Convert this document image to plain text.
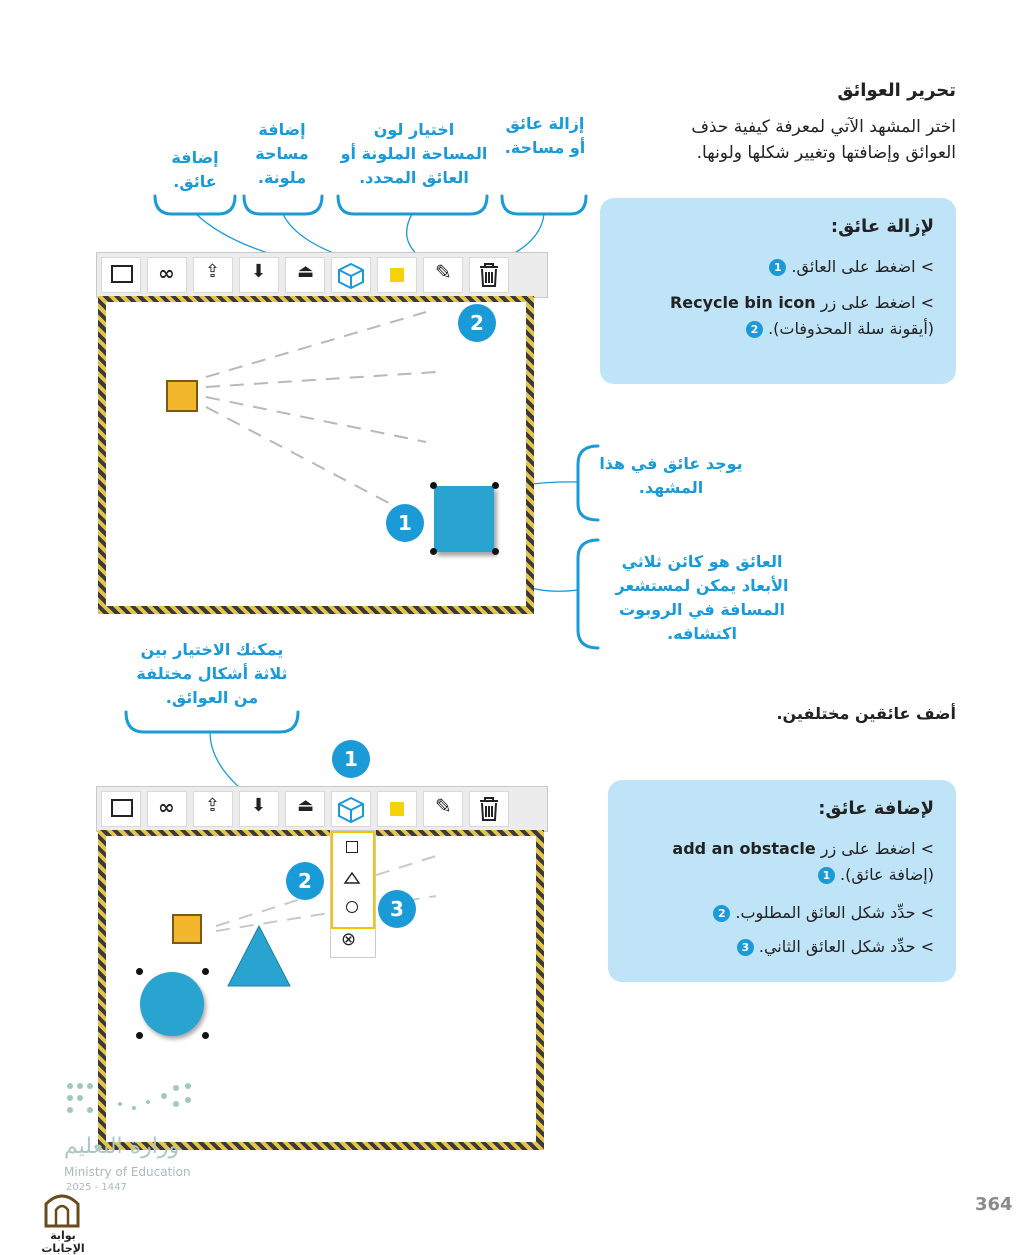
تحرير العوائق
اختر المشهد الآتي لمعرفة كيفية حذف العوائق وإضافتها وتغيير شكلها ولونها.
إضافة عائق.
إضافة مساحة ملونة.
اختيار لون المساحة الملونة أو العائق المحدد.
إزالة عائق أو مساحة.
∞ ⇪ ⬇ ⏏	✎
2
1
يوجد عائق في هذا المشهد.
العائق هو كائن ثلاثي الأبعاد يمكن لمستشعر المسافة في الروبوت اكتشافه.
لإزالة عائق:
> اضغط على العائق. 1
> اضغط على زر Recycle bin icon
(أيقونة سلة المحذوفات). 2
أضف عائقين مختلفين.
يمكنك الاختيار بين ثلاثة أشكال مختلفة من العوائق.
∞ ⇪ ⬇ ⏏	✎
1
⊗
2
3
لإضافة عائق:
> اضغط على زر add an obstacle
(إضافة عائق). 1
> حدِّد شكل العائق المطلوب. 2
> حدِّد شكل العائق الثاني. 3
وزارة التعليم
Ministry of Education
2025 - 1447
بوابة الإجابات
364
